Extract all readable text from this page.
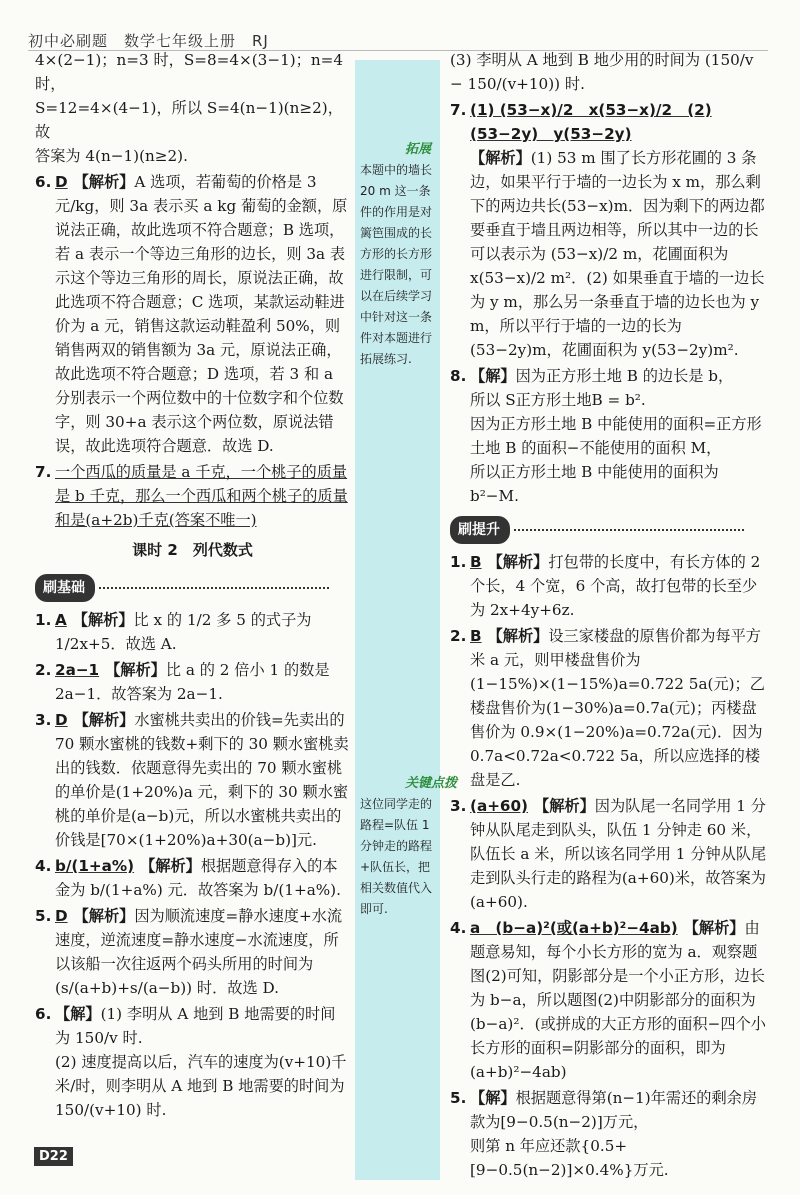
初中必刷题　数学七年级上册　RJ
拓展
本题中的墙长 20 m 这一条件的作用是对篱笆围成的长方形的长方形进行限制，可以在后续学习中针对这一条件对本题进行拓展练习.
关键点拨
这位同学走的路程=队伍 1 分钟走的路程+队伍长，把相关数值代入即可.

4×(2−1)；n=3 时，S=8=4×(3−1)；n=4 时，

S=12=4×(4−1)，所以 S=4(n−1)(n≥2)，故

答案为 4(n−1)(n≥2).

6. D 【解析】A 选项，若葡萄的价格是 3 元/kg，则 3a 表示买 a kg 葡萄的金额，原说法正确，故此选项不符合题意；B 选项，若 a 表示一个等边三角形的边长，则 3a 表示这个等边三角形的周长，原说法正确，故此选项不符合题意；C 选项，某款运动鞋进价为 a 元，销售这款运动鞋盈利 50%，则销售两双的销售额为 3a 元，原说法正确，故此选项不符合题意；D 选项，若 3 和 a 分别表示一个两位数中的十位数字和个位数字，则 30+a 表示这个两位数，原说法错误，故此选项符合题意．故选 D.
7. 一个西瓜的质量是 a 千克，一个桃子的质量是 b 千克，那么一个西瓜和两个桃子的质量和是(a+2b)千克(答案不唯一)
课时 2　列代数式
刷基础
1. A 【解析】比 x 的 1/2 多 5 的式子为 1/2x+5．故选 A.
2. 2a−1 【解析】比 a 的 2 倍小 1 的数是 2a−1．故答案为 2a−1.
3. D 【解析】水蜜桃共卖出的价钱=先卖出的 70 颗水蜜桃的钱数+剩下的 30 颗水蜜桃卖出的钱数．依题意得先卖出的 70 颗水蜜桃的单价是(1+20%)a 元，剩下的 30 颗水蜜桃的单价是(a−b)元，所以水蜜桃共卖出的价钱是[70×(1+20%)a+30(a−b)]元.
4. b/(1+a%) 【解析】根据题意得存入的本金为 b/(1+a%) 元．故答案为 b/(1+a%).
5. D 【解析】因为顺流速度=静水速度+水流速度，逆流速度=静水速度−水流速度，所以该船一次往返两个码头所用的时间为 (s/(a+b)+s/(a−b)) 时．故选 D.
6. 【解】(1) 李明从 A 地到 B 地需要的时间为 150/v 时.

(2) 速度提高以后，汽车的速度为(v+10)千米/时，则李明从 A 地到 B 地需要的时间为 150/(v+10) 时.

(3) 李明从 A 地到 B 地少用的时间为 (150/v − 150/(v+10)) 时.

7. (1) (53−x)/2　x(53−x)/2　(2)(53−2y)　y(53−2y)
【解析】(1) 53 m 围了长方形花圃的 3 条边，如果平行于墙的一边长为 x m，那么剩下的两边共长(53−x)m．因为剩下的两边都要垂直于墙且两边相等，所以其中一边的长可以表示为 (53−x)/2 m，花圃面积为 x(53−x)/2 m²．(2) 如果垂直于墙的一边长为 y m，那么另一条垂直于墙的边长也为 y m，所以平行于墙的一边的长为(53−2y)m，花圃面积为 y(53−2y)m².
8. 【解】因为正方形土地 B 的边长是 b，

所以 S正方形土地B = b².

因为正方形土地 B 中能使用的面积=正方形土地 B 的面积−不能使用的面积 M，

所以正方形土地 B 中能使用的面积为 b²−M.

刷提升
1. B 【解析】打包带的长度中，有长方体的 2 个长，4 个宽，6 个高，故打包带的长至少为 2x+4y+6z.
2. B 【解析】设三家楼盘的原售价都为每平方米 a 元，则甲楼盘售价为(1−15%)×(1−15%)a=0.722 5a(元)；乙楼盘售价为(1−30%)a=0.7a(元)；丙楼盘售价为 0.9×(1−20%)a=0.72a(元)．因为 0.7a<0.72a<0.722 5a，所以应选择的楼盘是乙.
3. (a+60) 【解析】因为队尾一名同学用 1 分钟从队尾走到队头，队伍 1 分钟走 60 米，队伍长 a 米，所以该名同学用 1 分钟从队尾走到队头行走的路程为(a+60)米，故答案为(a+60).
4. a　(b−a)²(或(a+b)²−4ab) 【解析】由题意易知，每个小长方形的宽为 a．观察题图(2)可知，阴影部分是一个小正方形，边长为 b−a，所以题图(2)中阴影部分的面积为(b−a)²．(或拼成的大正方形的面积−四个小长方形的面积=阴影部分的面积，即为(a+b)²−4ab)
5. 【解】根据题意得第(n−1)年需还的剩余房款为[9−0.5(n−2)]万元，

则第 n 年应还款{0.5+[9−0.5(n−2)]×0.4%}万元.

D22
